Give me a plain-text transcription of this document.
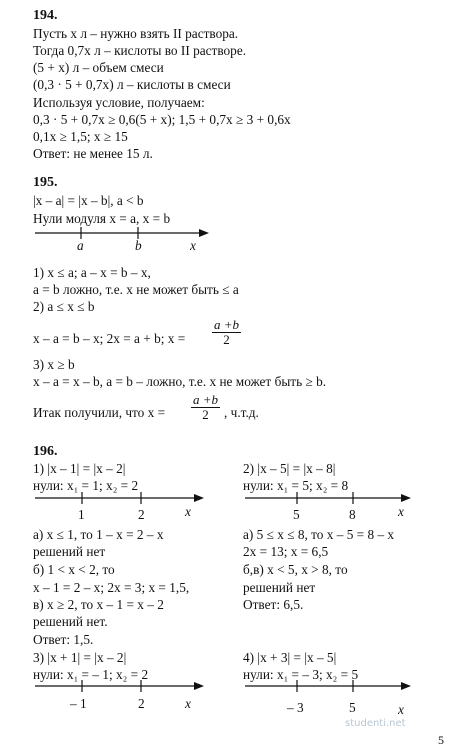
194.
Пусть x л – нужно взять II раствора.
Тогда 0,7x л – кислоты во II растворе.
(5 + x) л – объем смеси
(0,3 · 5 + 0,7x) л – кислоты в смеси
Используя условие, получаем:
0,3 · 5 + 0,7x ≥ 0,6(5 + x); 1,5 + 0,7x ≥ 3 + 0,6x
0,1x ≥ 1,5; x ≥ 15
Ответ: не менее 15 л.
195.
|x – a| = |x – b|, a < b
Нули модуля x = a, x = b
a	b	x
1) x ≤ a; a – x = b – x,
a = b ложно, т.е. x не может быть ≤ a
2) a ≤ x ≤ b
x – a = b – x; 2x = a + b; $x = \frac{a +b}{2}$
3) x ≥ b
x – a = x – b, a = b – ложно, т.е. x не может быть ≥ b.
Итак получили, что $x = \frac{a +b}{2}$ , ч.т.д.
196.
1) |x – 1| = |x – 2|
нули: x₁ = 1; x₂ = 2
1	2	x
а) x ≤ 1, то 1 – x = 2 – x
решений нет
б) 1 < x < 2, то
x – 1 = 2 – x; 2x = 3; x = 1,5,
в) x ≥ 2, то x – 1 = x – 2
решений нет.
Ответ: 1,5.
2) |x – 5| = |x – 8|
нули: x₁ = 5; x₂ = 8
5	8	x
а) 5 ≤ x ≤ 8, то x – 5 = 8 – x
2x = 13; x = 6,5
б,в) x < 5, x > 8, то
решений нет
Ответ: 6,5.
3) |x + 1| = |x – 2|
нули: x₁ = – 1; x₂ = 2
– 1	2	x
4) |x + 3| = |x – 5|
нули: x₁ = – 3; x₂ = 5
– 3	5	x
studenti.net
5
